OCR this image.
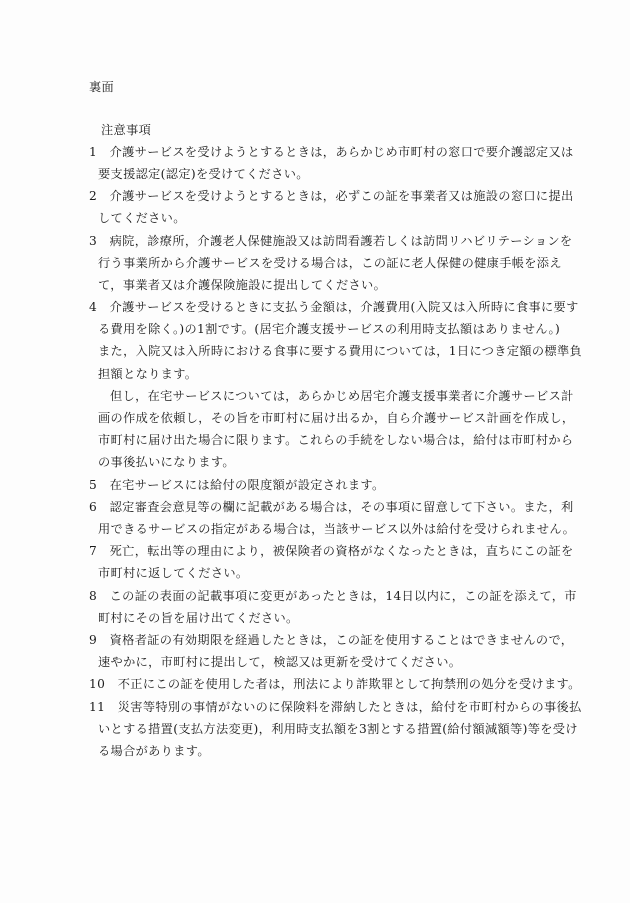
裏面
注意事項
1　介護サービスを受けようとするときは，あらかじめ市町村の窓口で要介護認定又は
要支援認定(認定)を受けてください。
2　介護サービスを受けようとするときは，必ずこの証を事業者又は施設の窓口に提出
してください。
3　病院，診療所，介護老人保健施設又は訪問看護若しくは訪問リハビリテーションを
行う事業所から介護サービスを受ける場合は，この証に老人保健の健康手帳を添え
て，事業者又は介護保険施設に提出してください。
4　介護サービスを受けるときに支払う金額は，介護費用(入院又は入所時に食事に要す
る費用を除く。)の1割です。(居宅介護支援サービスの利用時支払額はありません。)
また，入院又は入所時における食事に要する費用については，1日につき定額の標準負
担額となります。
但し，在宅サービスについては，あらかじめ居宅介護支援事業者に介護サービス計
画の作成を依頼し，その旨を市町村に届け出るか，自ら介護サービス計画を作成し，
市町村に届け出た場合に限ります。これらの手続をしない場合は，給付は市町村から
の事後払いになります。
5　在宅サービスには給付の限度額が設定されます。
6　認定審査会意見等の欄に記載がある場合は，その事項に留意して下さい。また，利
用できるサービスの指定がある場合は，当該サービス以外は給付を受けられません。
7　死亡，転出等の理由により，被保険者の資格がなくなったときは，直ちにこの証を
市町村に返してください。
8　この証の表面の記載事項に変更があったときは，14日以内に，この証を添えて，市
町村にその旨を届け出てください。
9　資格者証の有効期限を経過したときは，この証を使用することはできませんので，
速やかに，市町村に提出して，検認又は更新を受けてください。
10　不正にこの証を使用した者は，刑法により詐欺罪として拘禁刑の処分を受けます。
11　災害等特別の事情がないのに保険料を滞納したときは，給付を市町村からの事後払
いとする措置(支払方法変更)，利用時支払額を3割とする措置(給付額減額等)等を受け
る場合があります。
